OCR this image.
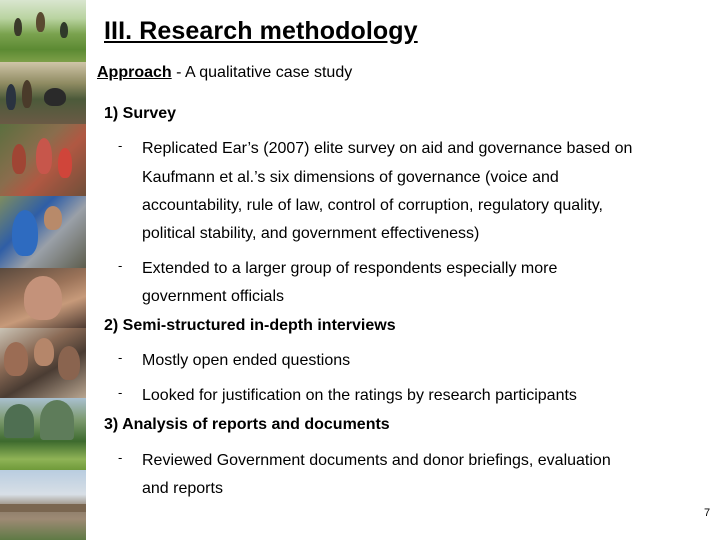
III. Research methodology
Approach - A qualitative case study
1) Survey
- Replicated Ear’s (2007) elite survey on aid and governance based on
Kaufmann et al.’s six dimensions of governance (voice and
accountability, rule of law, control of corruption, regulatory quality,
political stability, and government effectiveness)
- Extended to a larger group of respondents especially more
government officials
2) Semi-structured in-depth interviews
- Mostly open ended questions
- Looked for justification on the ratings by research participants
3) Analysis of reports and documents
- Reviewed Government documents and donor briefings, evaluation
and reports
7
